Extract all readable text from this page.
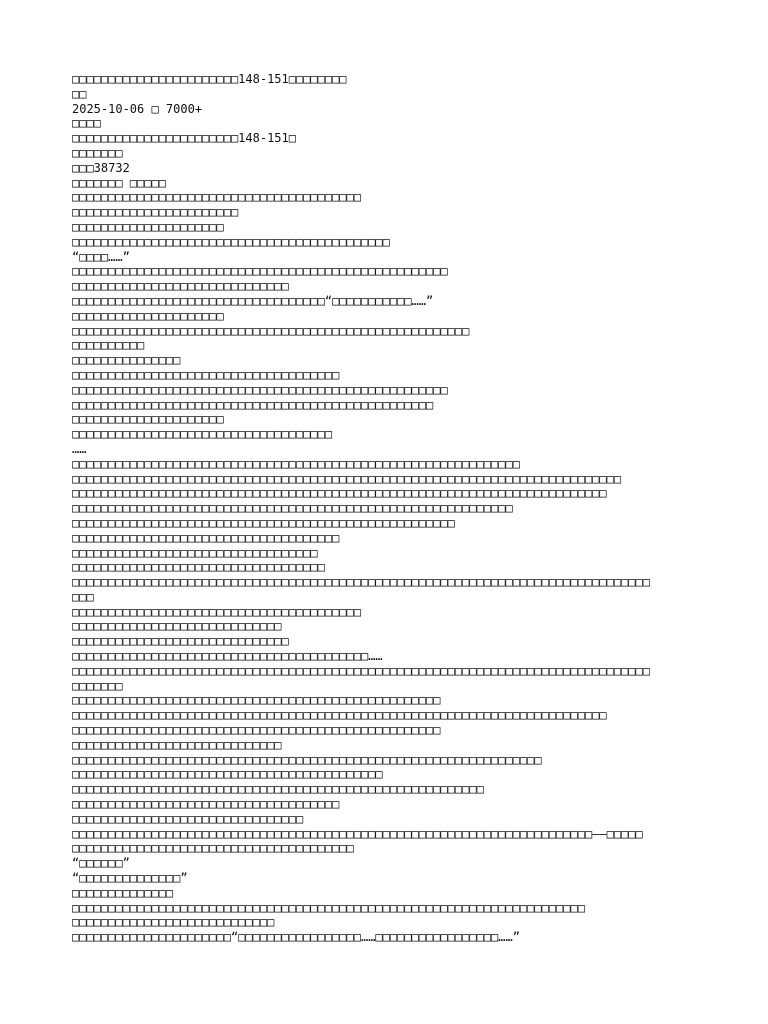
□□□□□□□□□□□□□□□□□□□□□□□148-151□□□□□□□□
□□
2025-10-06 □ 7000+
□□□□
□□□□□□□□□□□□□□□□□□□□□□□148-151□
□□□□□□□
□□□38732
□□□□□□□ □□□□□
□□□□□□□□□□□□□□□□□□□□□□□□□□□□□□□□□□□□□□□□
□□□□□□□□□□□□□□□□□□□□□□□
□□□□□□□□□□□□□□□□□□□□□
□□□□□□□□□□□□□□□□□□□□□□□□□□□□□□□□□□□□□□□□□□□□
“□□□□……”
□□□□□□□□□□□□□□□□□□□□□□□□□□□□□□□□□□□□□□□□□□□□□□□□□□□□
□□□□□□□□□□□□□□□□□□□□□□□□□□□□□□
□□□□□□□□□□□□□□□□□□□□□□□□□□□□□□□□□□□“□□□□□□□□□□□……”
□□□□□□□□□□□□□□□□□□□□□
□□□□□□□□□□□□□□□□□□□□□□□□□□□□□□□□□□□□□□□□□□□□□□□□□□□□□□□
□□□□□□□□□□
□□□□□□□□□□□□□□□
□□□□□□□□□□□□□□□□□□□□□□□□□□□□□□□□□□□□□
□□□□□□□□□□□□□□□□□□□□□□□□□□□□□□□□□□□□□□□□□□□□□□□□□□□□
□□□□□□□□□□□□□□□□□□□□□□□□□□□□□□□□□□□□□□□□□□□□□□□□□□
□□□□□□□□□□□□□□□□□□□□□
□□□□□□□□□□□□□□□□□□□□□□□□□□□□□□□□□□□□
……
□□□□□□□□□□□□□□□□□□□□□□□□□□□□□□□□□□□□□□□□□□□□□□□□□□□□□□□□□□□□□□
□□□□□□□□□□□□□□□□□□□□□□□□□□□□□□□□□□□□□□□□□□□□□□□□□□□□□□□□□□□□□□□□□□□□□□□□□□□□
□□□□□□□□□□□□□□□□□□□□□□□□□□□□□□□□□□□□□□□□□□□□□□□□□□□□□□□□□□□□□□□□□□□□□□□□□□
□□□□□□□□□□□□□□□□□□□□□□□□□□□□□□□□□□□□□□□□□□□□□□□□□□□□□□□□□□□□□
□□□□□□□□□□□□□□□□□□□□□□□□□□□□□□□□□□□□□□□□□□□□□□□□□□□□□
□□□□□□□□□□□□□□□□□□□□□□□□□□□□□□□□□□□□□
□□□□□□□□□□□□□□□□□□□□□□□□□□□□□□□□□□
□□□□□□□□□□□□□□□□□□□□□□□□□□□□□□□□□□□
□□□□□□□□□□□□□□□□□□□□□□□□□□□□□□□□□□□□□□□□□□□□□□□□□□□□□□□□□□□□□□□□□□□□□□□□□□□□□□□□
□□□
□□□□□□□□□□□□□□□□□□□□□□□□□□□□□□□□□□□□□□□□
□□□□□□□□□□□□□□□□□□□□□□□□□□□□□
□□□□□□□□□□□□□□□□□□□□□□□□□□□□□□
□□□□□□□□□□□□□□□□□□□□□□□□□□□□□□□□□□□□□□□□□……
□□□□□□□□□□□□□□□□□□□□□□□□□□□□□□□□□□□□□□□□□□□□□□□□□□□□□□□□□□□□□□□□□□□□□□□□□□□□□□□□
□□□□□□□
□□□□□□□□□□□□□□□□□□□□□□□□□□□□□□□□□□□□□□□□□□□□□□□□□□□
□□□□□□□□□□□□□□□□□□□□□□□□□□□□□□□□□□□□□□□□□□□□□□□□□□□□□□□□□□□□□□□□□□□□□□□□□□
□□□□□□□□□□□□□□□□□□□□□□□□□□□□□□□□□□□□□□□□□□□□□□□□□□□
□□□□□□□□□□□□□□□□□□□□□□□□□□□□□
□□□□□□□□□□□□□□□□□□□□□□□□□□□□□□□□□□□□□□□□□□□□□□□□□□□□□□□□□□□□□□□□□
□□□□□□□□□□□□□□□□□□□□□□□□□□□□□□□□□□□□□□□□□□□
□□□□□□□□□□□□□□□□□□□□□□□□□□□□□□□□□□□□□□□□□□□□□□□□□□□□□□□□□
□□□□□□□□□□□□□□□□□□□□□□□□□□□□□□□□□□□□□
□□□□□□□□□□□□□□□□□□□□□□□□□□□□□□□□
□□□□□□□□□□□□□□□□□□□□□□□□□□□□□□□□□□□□□□□□□□□□□□□□□□□□□□□□□□□□□□□□□□□□□□□□——□□□□□
□□□□□□□□□□□□□□□□□□□□□□□□□□□□□□□□□□□□□□□
“□□□□□□”
“□□□□□□□□□□□□□□”
□□□□□□□□□□□□□□
□□□□□□□□□□□□□□□□□□□□□□□□□□□□□□□□□□□□□□□□□□□□□□□□□□□□□□□□□□□□□□□□□□□□□□□
□□□□□□□□□□□□□□□□□□□□□□□□□□□□
□□□□□□□□□□□□□□□□□□□□□□“□□□□□□□□□□□□□□□□□……□□□□□□□□□□□□□□□□□……”
